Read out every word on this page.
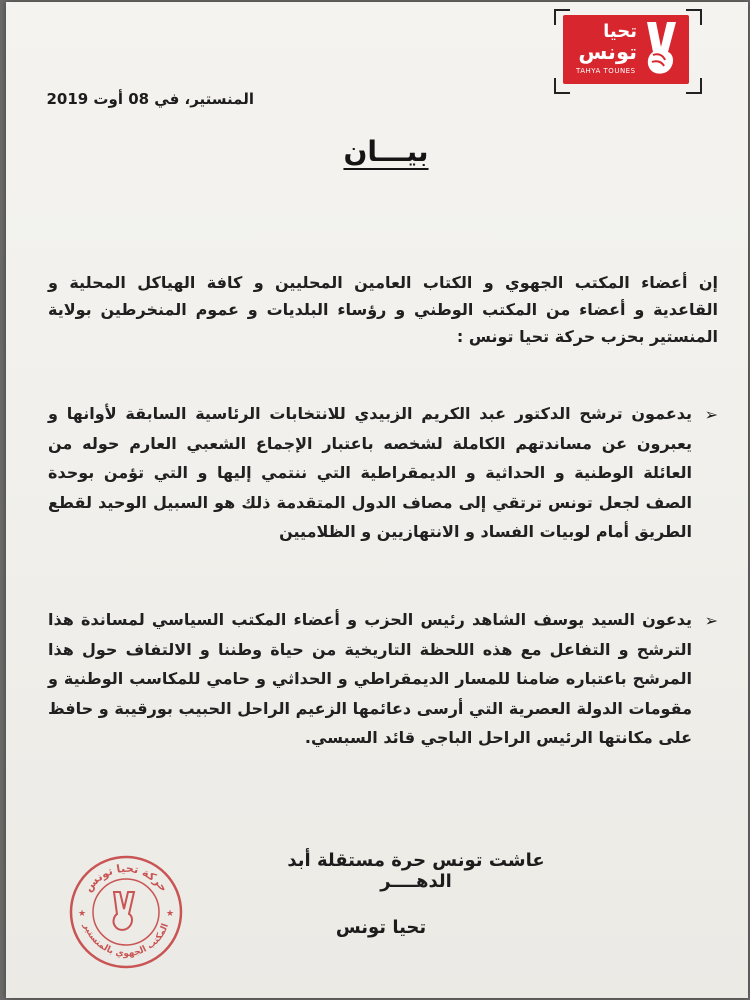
تحيا
تونس
TAHYA TOUNES
المنستير، في 08 أوت 2019
بيـــان
إن أعضاء المكتب الجهوي و الكتاب العامين المحليين و كافة الهياكل المحلية و القاعدية و أعضاء من المكتب الوطني و رؤساء البلديات و عموم المنخرطين بولاية المنستير بحزب حركة تحيا تونس :
➢
يدعمون ترشح الدكتور عبد الكريم الزبيدي للانتخابات الرئاسية السابقة لأوانها و يعبرون عن مساندتهم الكاملة لشخصه باعتبار الإجماع الشعبي العارم حوله من العائلة الوطنية و الحداثية و الديمقراطية التي ننتمي إليها و التي تؤمن بوحدة الصف لجعل تونس ترتقي إلى مصاف الدول المتقدمة ذلك هو السبيل الوحيد لقطع الطريق أمام لوبيات الفساد و الانتهازيين و الظلاميين
➢
يدعون السيد يوسف الشاهد رئيس الحزب و أعضاء المكتب السياسي لمساندة هذا الترشح و التفاعل مع هذه اللحظة التاريخية من حياة وطننا و الالتفاف حول هذا المرشح باعتباره ضامنا للمسار الديمقراطي و الحداثي و حامي للمكاسب الوطنية و مقومات الدولة العصرية التي أرسى دعائمها الزعيم الراحل الحبيب بورقيبة و حافظ على مكانتها الرئيس الراحل الباجي قائد السبسي.
عاشت تونس حرة مستقلة أبد الدهــــر
تحيا تونس
حركة تحيا تونس
المكتب الجهوي بالمنستير
★	★
